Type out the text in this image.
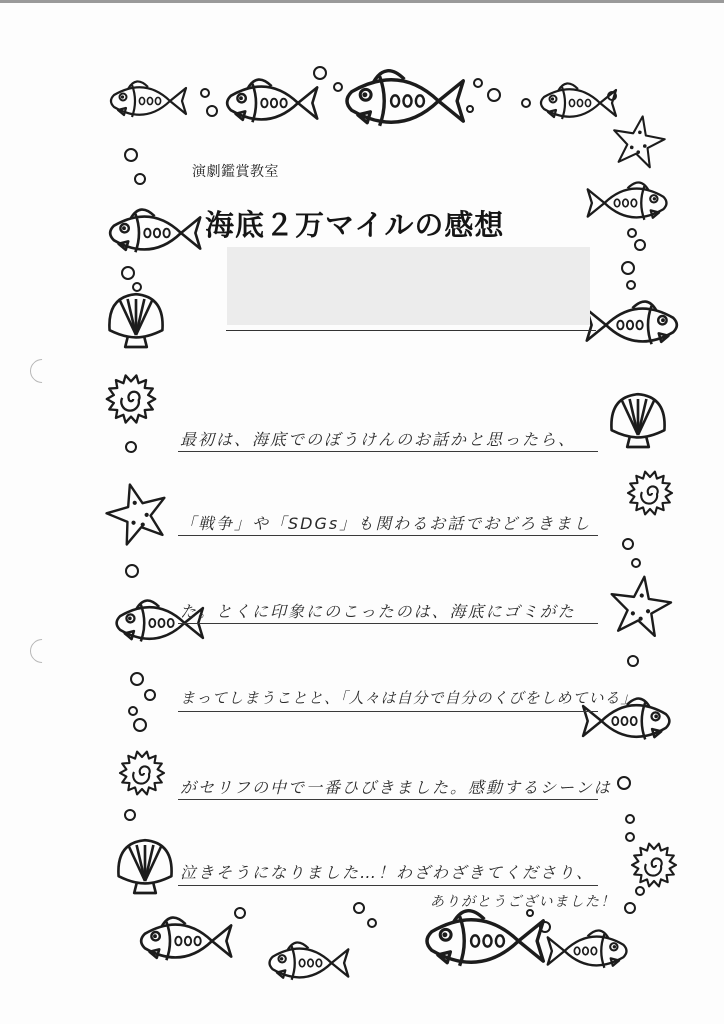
演劇鑑賞教室
海底２万マイルの感想
最初は、海底でのぼうけんのお話かと思ったら、
「戦争」や「SDGs」も関わるお話でおどろきまし
た。とくに印象にのこったのは、海底にゴミがた
まってしまうことと、「人々は自分で自分のくびをしめている」
がセリフの中で一番ひびきました。感動するシーンは
泣きそうになりました…！わざわざきてくださり、
ありがとうございました！
